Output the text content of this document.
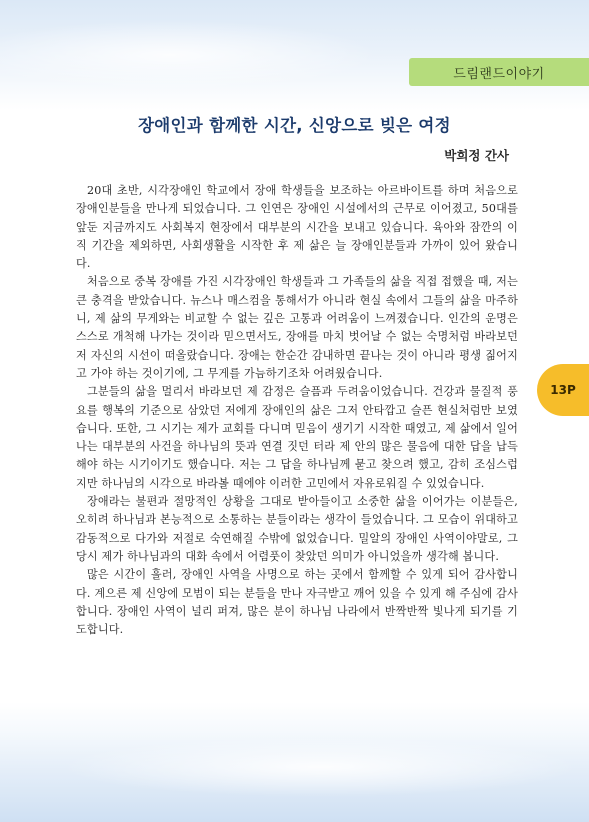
드림랜드이야기
13P
장애인과 함께한 시간, 신앙으로 빚은 여정
박희정 간사

20대 초반, 시각장애인 학교에서 장애 학생들을 보조하는 아르바이트를 하며 처음으로 장애인분들을 만나게 되었습니다. 그 인연은 장애인 시설에서의 근무로 이어졌고, 50대를 앞둔 지금까지도 사회복지 현장에서 대부분의 시간을 보내고 있습니다. 육아와 잠깐의 이직 기간을 제외하면, 사회생활을 시작한 후 제 삶은 늘 장애인분들과 가까이 있어 왔습니다.

처음으로 중복 장애를 가진 시각장애인 학생들과 그 가족들의 삶을 직접 접했을 때, 저는 큰 충격을 받았습니다. 뉴스나 매스컴을 통해서가 아니라 현실 속에서 그들의 삶을 마주하니, 제 삶의 무게와는 비교할 수 없는 깊은 고통과 어려움이 느껴졌습니다. 인간의 운명은 스스로 개척해 나가는 것이라 믿으면서도, 장애를 마치 벗어날 수 없는 숙명처럼 바라보던 저 자신의 시선이 떠올랐습니다. 장애는 한순간 감내하면 끝나는 것이 아니라 평생 짊어지고 가야 하는 것이기에, 그 무게를 가늠하기조차 어려웠습니다.

그분들의 삶을 멀리서 바라보던 제 감정은 슬픔과 두려움이었습니다. 건강과 물질적 풍요를 행복의 기준으로 삼았던 저에게 장애인의 삶은 그저 안타깝고 슬픈 현실처럼만 보였습니다. 또한, 그 시기는 제가 교회를 다니며 믿음이 생기기 시작한 때였고, 제 삶에서 일어나는 대부분의 사건을 하나님의 뜻과 연결 짓던 터라 제 안의 많은 물음에 대한 답을 납득해야 하는 시기이기도 했습니다. 저는 그 답을 하나님께 묻고 찾으려 했고, 감히 조심스럽지만 하나님의 시각으로 바라볼 때에야 이러한 고민에서 자유로워질 수 있었습니다.

장애라는 불편과 절망적인 상황을 그대로 받아들이고 소중한 삶을 이어가는 이분들은, 오히려 하나님과 본능적으로 소통하는 분들이라는 생각이 들었습니다. 그 모습이 위대하고 감동적으로 다가와 저절로 숙연해질 수밖에 없었습니다. 밀알의 장애인 사역이야말로, 그 당시 제가 하나님과의 대화 속에서 어렴풋이 찾았던 의미가 아니었을까 생각해 봅니다.

많은 시간이 흘러, 장애인 사역을 사명으로 하는 곳에서 함께할 수 있게 되어 감사합니다. 계으른 제 신앙에 모범이 되는 분들을 만나 자극받고 깨어 있을 수 있게 해 주심에 감사합니다. 장애인 사역이 널리 퍼져, 많은 분이 하나님 나라에서 반짝반짝 빛나게 되기를 기도합니다.
